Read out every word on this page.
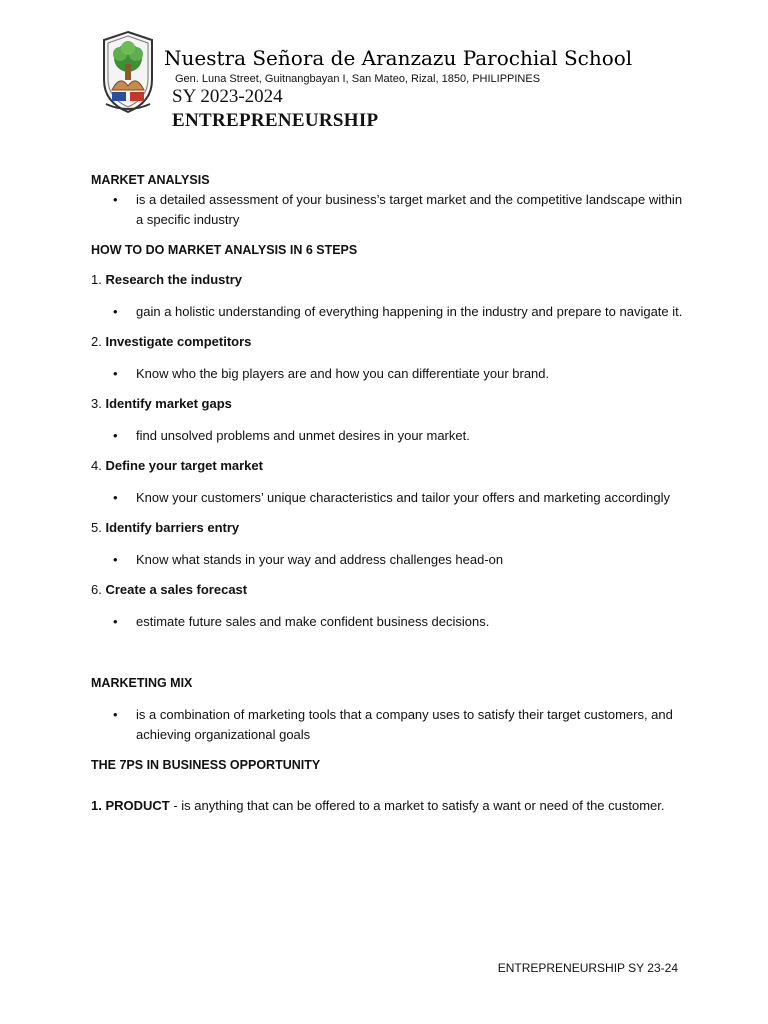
Nuestra Señora de Aranzazu Parochial School
Gen. Luna Street, Guitnangbayan I, San Mateo, Rizal, 1850, PHILIPPINES
SY 2023-2024
ENTREPRENEURSHIP

MARKET ANALYSIS

• is a detailed assessment of your business’s target market and the competitive landscape within a specific industry

HOW TO DO MARKET ANALYSIS IN 6 STEPS

1. Research the industry

• gain a holistic understanding of everything happening in the industry and prepare to navigate it.

2. Investigate competitors

• Know who the big players are and how you can differentiate your brand.

3. Identify market gaps

• find unsolved problems and unmet desires in your market.

4. Define your target market

• Know your customers’ unique characteristics and tailor your offers and marketing accordingly

5. Identify barriers entry

• Know what stands in your way and address challenges head-on

6. Create a sales forecast

• estimate future sales and make confident business decisions.

MARKETING MIX

• is a combination of marketing tools that a company uses to satisfy their target customers, and achieving organizational goals

THE 7PS IN BUSINESS OPPORTUNITY

1. PRODUCT - is anything that can be offered to a market to satisfy a want or need of the customer.

ENTREPRENEURSHIP SY 23-24
